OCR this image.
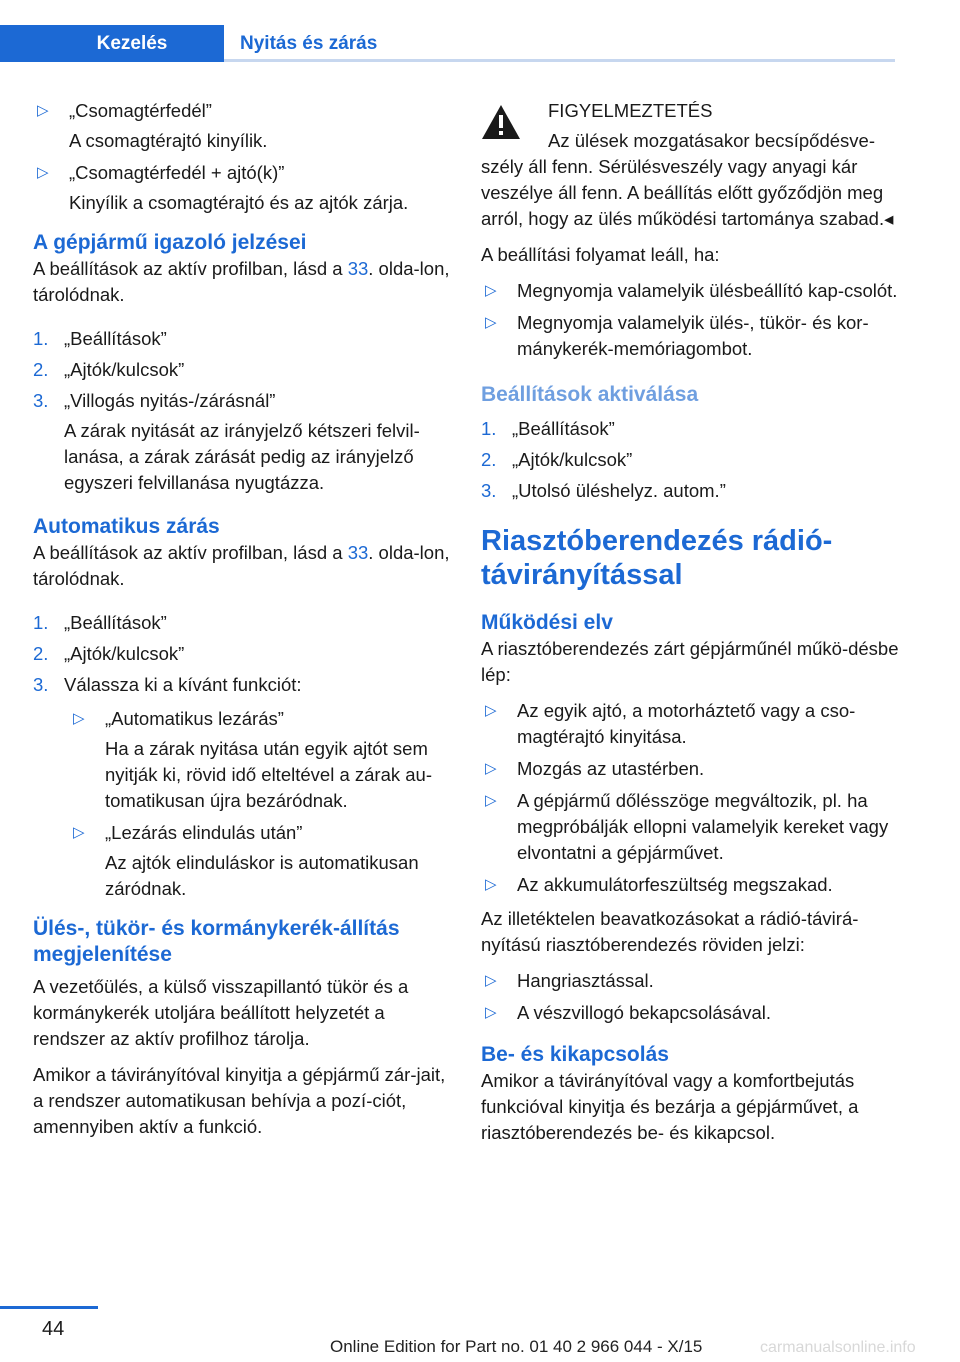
Kezelés	Nyitás és zárás
▷ „Csomagtérfedél”
A csomagtérajtó kinyílik.
▷ „Csomagtérfedél + ajtó(k)”
Kinyílik a csomagtérajtó és az ajtók zárja.
A gépjármű igazoló jelzései
A beállítások az aktív profilban, lásd a 33. olda‐lon, tárolódnak.
1. „Beállítások”
2. „Ajtók/kulcsok”
3. „Villogás nyitás-/zárásnál”
A zárak nyitását az irányjelző kétszeri felvil‐lanása, a zárak zárását pedig az irányjelző egyszeri felvillanása nyugtázza.
Automatikus zárás
A beállítások az aktív profilban, lásd a 33. olda‐lon, tárolódnak.
1. „Beállítások”
2. „Ajtók/kulcsok”
3. Válassza ki a kívánt funkciót:
▷ „Automatikus lezárás”
Ha a zárak nyitása után egyik ajtót sem nyitják ki, rövid idő elteltével a zárak au‐tomatikusan újra bezáródnak.
▷ „Lezárás elindulás után”
Az ajtók elinduláskor is automatikusan záródnak.
Ülés-, tükör- és kormánykerék-állítás megjelenítése
A vezetőülés, a külső visszapillantó tükör és a kormánykerék utoljára beállított helyzetét a rendszer az aktív profilhoz tárolja.
Amikor a távirányítóval kinyitja a gépjármű zár‐jait, a rendszer automatikusan behívja a pozí‐ciót, amennyiben aktív a funkció.
FIGYELMEZTETÉS
Az ülések mozgatásakor becsípődésve‐
szély áll fenn. Sérülésveszély vagy anyagi kár veszélye áll fenn. A beállítás előtt győződjön meg arról, hogy az ülés működési tartománya szabad.◂
A beállítási folyamat leáll, ha:
▷ Megnyomja valamelyik ülésbeállító kap‐csolót.
▷ Megnyomja valamelyik ülés-, tükör- és kor‐mánykerék-memóriagombot.
Beállítások aktiválása
1. „Beállítások”
2. „Ajtók/kulcsok”
3. „Utolsó üléshelyz. autom.”
Riasztóberendezés rádió‐távirányítással
Működési elv
A riasztóberendezés zárt gépjárműnél műkö‐désbe lép:
▷ Az egyik ajtó, a motorháztető vagy a cso‐magtérajtó kinyitása.
▷ Mozgás az utastérben.
▷ A gépjármű dőlésszöge megváltozik, pl. ha megpróbálják ellopni valamelyik kereket vagy elvontatni a gépjárművet.
▷ Az akkumulátorfeszültség megszakad.
Az illetéktelen beavatkozásokat a rádió-távirá‐nyítású riasztóberendezés röviden jelzi:
▷ Hangriasztással.
▷ A vészvillogó bekapcsolásával.
Be- és kikapcsolás
Amikor a távirányítóval vagy a komfortbejutás funkcióval kinyitja és bezárja a gépjárművet, a riasztóberendezés be- és kikapcsol.
44
Online Edition for Part no. 01 40 2 966 044 - X/15	carmanualsonline.info
